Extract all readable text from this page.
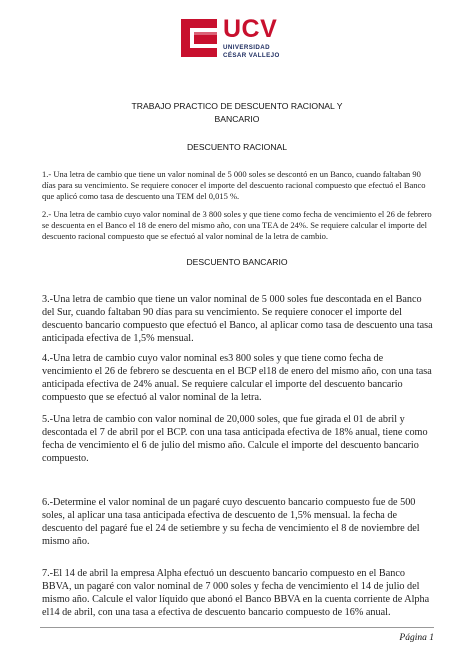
UCV
UNIVERSIDAD
CÉSAR VALLEJO
TRABAJO PRACTICO DE DESCUENTO RACIONAL Y
BANCARIO
DESCUENTO RACIONAL

1.- Una letra de cambio que tiene un valor nominal de 5 000 soles se descontó en un Banco, cuando faltaban 90 días para su vencimiento. Se requiere conocer el importe del descuento racional compuesto que efectuó el Banco que aplicó como tasa de descuento una TEM del 0,015 %.

2.- Una letra de cambio cuyo valor nominal de 3 800 soles y que tiene como fecha de vencimiento el 26 de febrero se descuenta en el Banco el 18 de enero del mismo año, con una TEA de 24%. Se requiere calcular el importe del descuento racional compuesto que se efectuó al valor nominal de la letra de cambio.

DESCUENTO BANCARIO

3.-Una letra de cambio que tiene un valor nominal de 5 000 soles fue descontada en el Banco del Sur, cuando faltaban 90 días para su vencimiento. Se requiere conocer el importe del descuento bancario compuesto que efectuó el Banco, al aplicar como tasa de descuento una tasa anticipada efectiva de 1,5% mensual.

4.-Una letra de cambio cuyo valor nominal es3 800 soles y que tiene como fecha de vencimiento el 26 de febrero se descuenta en el BCP el18 de enero del mismo año, con una tasa anticipada efectiva de 24% anual. Se requiere calcular el importe del descuento bancario compuesto que se efectuó al valor nominal de la letra.

5.-Una letra de cambio con valor nominal de 20,000 soles, que fue girada el 01 de abril y descontada el 7 de abril por el BCP. con una tasa anticipada efectiva de 18% anual, tiene como fecha de vencimiento el 6 de julio del mismo año. Calcule el importe del descuento bancario compuesto.

6.-Determine el valor nominal de un pagaré cuyo descuento bancario compuesto fue de 500 soles, al aplicar una tasa anticipada efectiva de descuento de 1,5% mensual. la fecha de descuento del pagaré fue el 24 de setiembre y su fecha de vencimiento el 8 de noviembre del mismo año.

7.-El 14 de abril la empresa Alpha efectuó un descuento bancario compuesto en el Banco BBVA, un pagaré con valor nominal de 7 000 soles y fecha de vencimiento el 14 de julio del mismo año. Calcule el valor líquido que abonó el Banco BBVA en la cuenta corriente de Alpha el14 de abril, con una tasa a efectiva de descuento bancario compuesto de 16% anual.

Página 1
